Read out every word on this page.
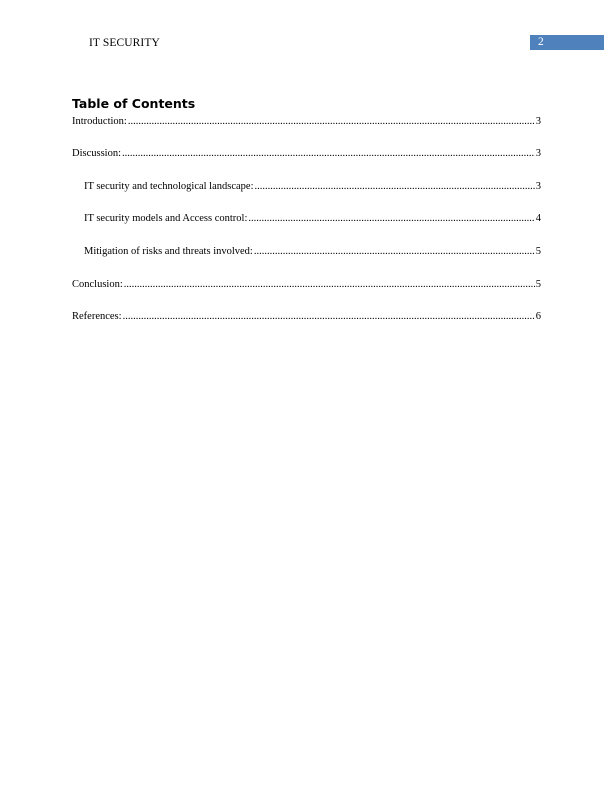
IT SECURITY	2
Table of Contents
Introduction: .....	3
Discussion: .....	3
IT security and technological landscape: .....	3
IT security models and Access control: .....	4
Mitigation of risks and threats involved: .....	5
Conclusion: .....	5
References: .....	6
